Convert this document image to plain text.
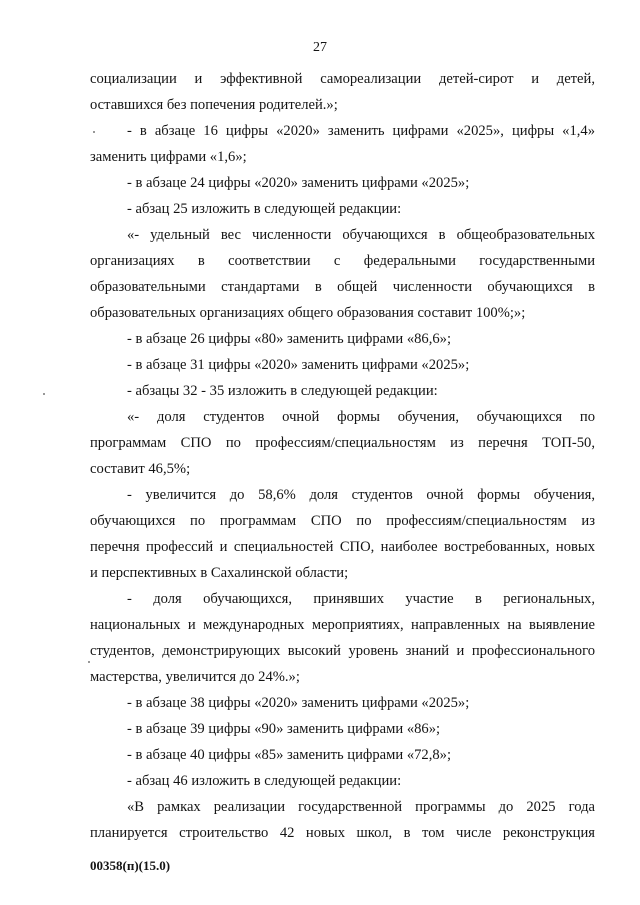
27

социализации и эффективной самореализации детей-сирот и детей,

оставшихся без попечения родителей.»;

- в абзаце 16 цифры «2020» заменить цифрами «2025», цифры «1,4»

заменить цифрами «1,6»;

- в абзаце 24 цифры «2020» заменить цифрами «2025»;

- абзац 25 изложить в следующей редакции:

«- удельный вес численности обучающихся в общеобразовательных

организациях в соответствии с федеральными государственными

образовательными стандартами в общей численности обучающихся в

образовательных организациях общего образования составит 100%;»;

- в абзаце 26 цифры «80» заменить цифрами «86,6»;

- в абзаце 31 цифры «2020» заменить цифрами «2025»;

- абзацы 32 - 35 изложить в следующей редакции:

«- доля студентов очной формы обучения, обучающихся по

программам СПО по профессиям/специальностям из перечня ТОП-50,

составит 46,5%;

- увеличится до 58,6% доля студентов очной формы обучения,

обучающихся по программам СПО по профессиям/специальностям из

перечня профессий и специальностей СПО, наиболее востребованных, новых

и перспективных в Сахалинской области;

- доля обучающихся, принявших участие в региональных,

национальных и международных мероприятиях, направленных на выявление

студентов, демонстрирующих высокий уровень знаний и профессионального

мастерства, увеличится до 24%.»;

- в абзаце 38 цифры «2020» заменить цифрами «2025»;

- в абзаце 39 цифры «90» заменить цифрами «86»;

- в абзаце 40 цифры «85» заменить цифрами «72,8»;

- абзац 46 изложить в следующей редакции:

«В рамках реализации государственной программы до 2025 года

планируется строительство 42 новых школ, в том числе реконструкция

00358(п)(15.0)
